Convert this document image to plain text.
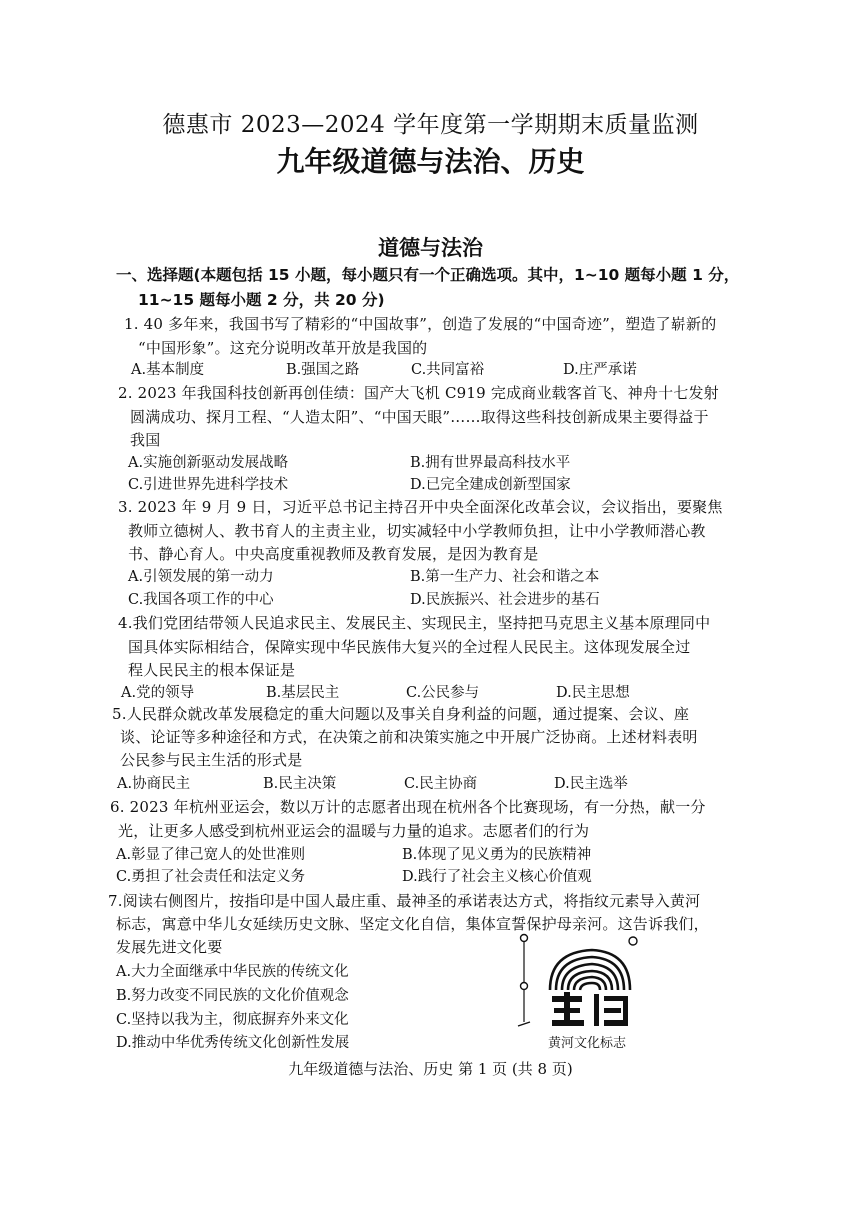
德惠市 2023—2024 学年度第一学期期末质量监测
九年级道德与法治、历史
道德与法治
一、选择题(本题包括 15 小题，每小题只有一个正确选项。其中，1~10 题每小题 1 分，
11~15 题每小题 2 分，共 20 分)
1. 40 多年来，我国书写了精彩的“中国故事”，创造了发展的“中国奇迹”，塑造了崭新的
“中国形象”。这充分说明改革开放是我国的
A.基本制度	B.强国之路	C.共同富裕	D.庄严承诺
2. 2023 年我国科技创新再创佳绩：国产大飞机 C919 完成商业载客首飞、神舟十七发射
圆满成功、探月工程、“人造太阳”、“中国天眼”……取得这些科技创新成果主要得益于
我国
A.实施创新驱动发展战略	B.拥有世界最高科技水平
C.引进世界先进科学技术	D.已完全建成创新型国家
3. 2023 年 9 月 9 日，习近平总书记主持召开中央全面深化改革会议，会议指出，要聚焦
教师立德树人、教书育人的主责主业，切实减轻中小学教师负担，让中小学教师潜心教
书、静心育人。中央高度重视教师及教育发展，是因为教育是
A.引领发展的第一动力	B.第一生产力、社会和谐之本
C.我国各项工作的中心	D.民族振兴、社会进步的基石
4.我们党团结带领人民追求民主、发展民主、实现民主，坚持把马克思主义基本原理同中
国具体实际相结合，保障实现中华民族伟大复兴的全过程人民民主。这体现发展全过
程人民民主的根本保证是
A.党的领导	B.基层民主	C.公民参与	D.民主思想
5.人民群众就改革发展稳定的重大问题以及事关自身利益的问题，通过提案、会议、座
谈、论证等多种途径和方式，在决策之前和决策实施之中开展广泛协商。上述材料表明
公民参与民主生活的形式是
A.协商民主	B.民主决策	C.民主协商	D.民主选举
6. 2023 年杭州亚运会，数以万计的志愿者出现在杭州各个比赛现场，有一分热，献一分
光，让更多人感受到杭州亚运会的温暖与力量的追求。志愿者们的行为
A.彰显了律己宽人的处世准则	B.体现了见义勇为的民族精神
C.勇担了社会责任和法定义务	D.践行了社会主义核心价值观
7.阅读右侧图片，按指印是中国人最庄重、最神圣的承诺表达方式，将指纹元素导入黄河
标志，寓意中华儿女延续历史文脉、坚定文化自信，集体宣誓保护母亲河。这告诉我们，
发展先进文化要
A.大力全面继承中华民族的传统文化
B.努力改变不同民族的文化价值观念
C.坚持以我为主，彻底摒弃外来文化
D.推动中华优秀传统文化创新性发展	黄河文化标志
九年级道德与法治、历史 第 1 页 (共 8 页)
